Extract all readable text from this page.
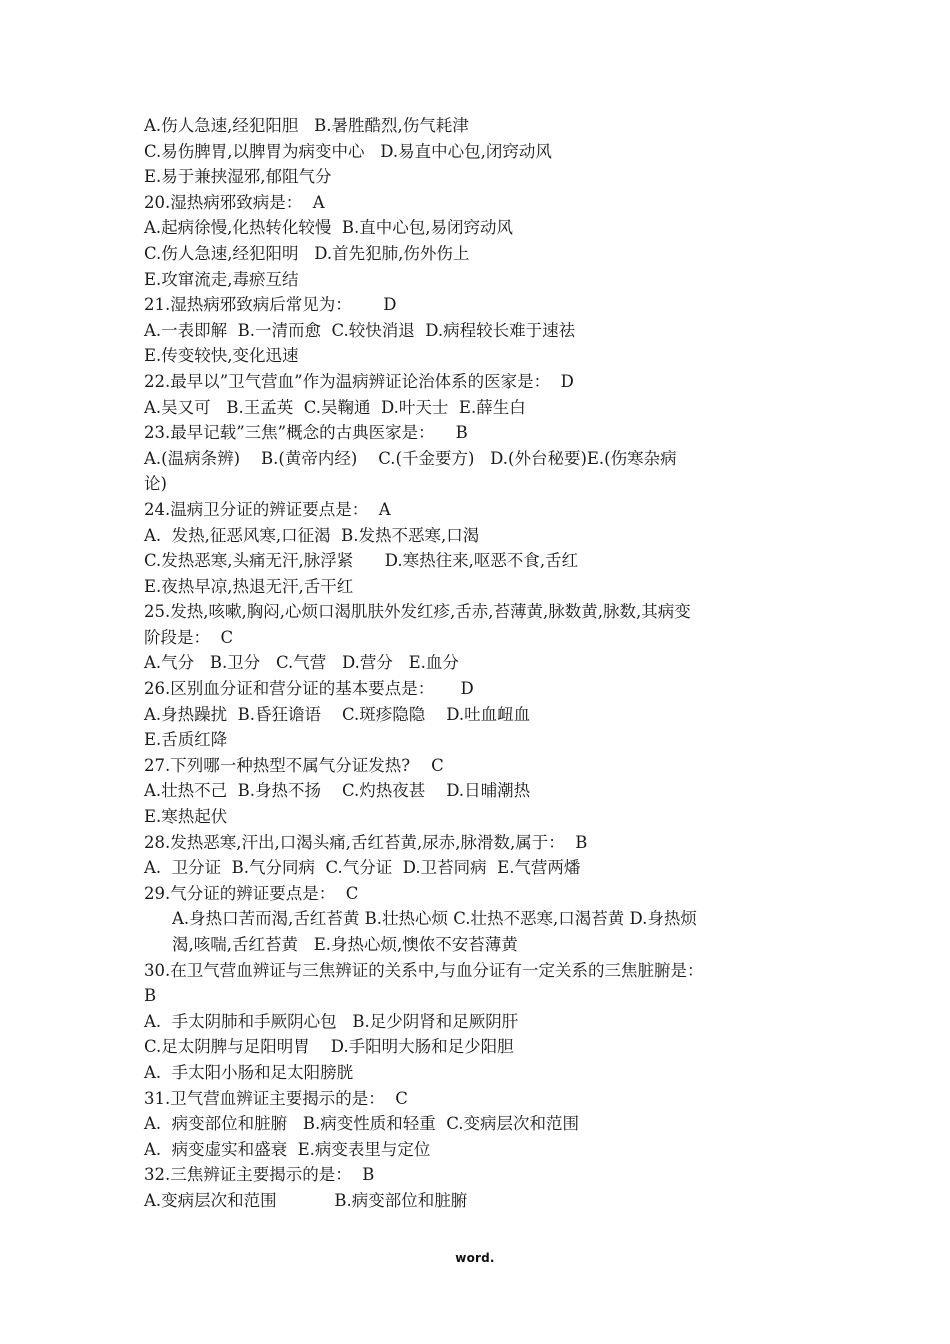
A.伤人急速,经犯阳胆   B.暑胜酷烈,伤气耗津
C.易伤脾胃,以脾胃为病变中心   D.易直中心包,闭窍动风
E.易于兼挟湿邪,郁阻气分
20.湿热病邪致病是：  A
A.起病徐慢,化热转化较慢  B.直中心包,易闭窍动风
C.伤人急速,经犯阳明   D.首先犯肺,伤外伤上
E.攻窜流走,毒瘀互结
21.湿热病邪致病后常见为：      D
A.一表即解  B.一清而愈  C.较快消退  D.病程较长难于速祛
E.传变较快,变化迅速
22.最早以”卫气营血”作为温病辨证论治体系的医家是：  D
A.吴又可   B.王孟英  C.吴鞠通  D.叶天士  E.薛生白
23.最早记载”三焦”概念的古典医家是：    B
A.(温病条辨)    B.(黄帝内经)    C.(千金要方)   D.(外台秘要)E.(伤寒杂病
论)
24.温病卫分证的辨证要点是：  A
A.  发热,征恶风寒,口征渴  B.发热不恶寒,口渴
C.发热恶寒,头痛无汗,脉浮紧      D.寒热往来,呕恶不食,舌红
E.夜热早凉,热退无汗,舌干红
25.发热,咳嗽,胸闷,心烦口渴肌肤外发红疹,舌赤,苔薄黄,脉数黄,脉数,其病变
阶段是：  C
A.气分   B.卫分   C.气营   D.营分   E.血分
26.区别血分证和营分证的基本要点是：     D
A.身热躁扰  B.昏狂谵语    C.斑疹隐隐    D.吐血衄血
E.舌质红降
27.下列哪一种热型不属气分证发热?    C
A.壮热不己  B.身热不扬    C.灼热夜甚    D.日晡潮热
E.寒热起伏
28.发热恶寒,汗出,口渴头痛,舌红苔黄,尿赤,脉滑数,属于：  B
A.  卫分证  B.气分同病  C.气分证  D.卫苔同病  E.气营两燔
29.气分证的辨证要点是：  C
A.身热口苦而渴,舌红苔黄 B.壮热心烦 C.壮热不恶寒,口渴苔黄 D.身热烦
渴,咳喘,舌红苔黄   E.身热心烦,懊侬不安苔薄黄
30.在卫气营血辨证与三焦辨证的关系中,与血分证有一定关系的三焦脏腑是：
B
A.  手太阴肺和手厥阴心包   B.足少阴肾和足厥阴肝
C.足太阴脾与足阳明胃    D.手阳明大肠和足少阳胆
A.  手太阳小肠和足太阳膀胱
31.卫气营血辨证主要揭示的是：  C
A.  病变部位和脏腑   B.病变性质和轻重  C.变病层次和范围
A.  病变虚实和盛衰  E.病变表里与定位
32.三焦辨证主要揭示的是：  B
A.变病层次和范围           B.病变部位和脏腑
word.
